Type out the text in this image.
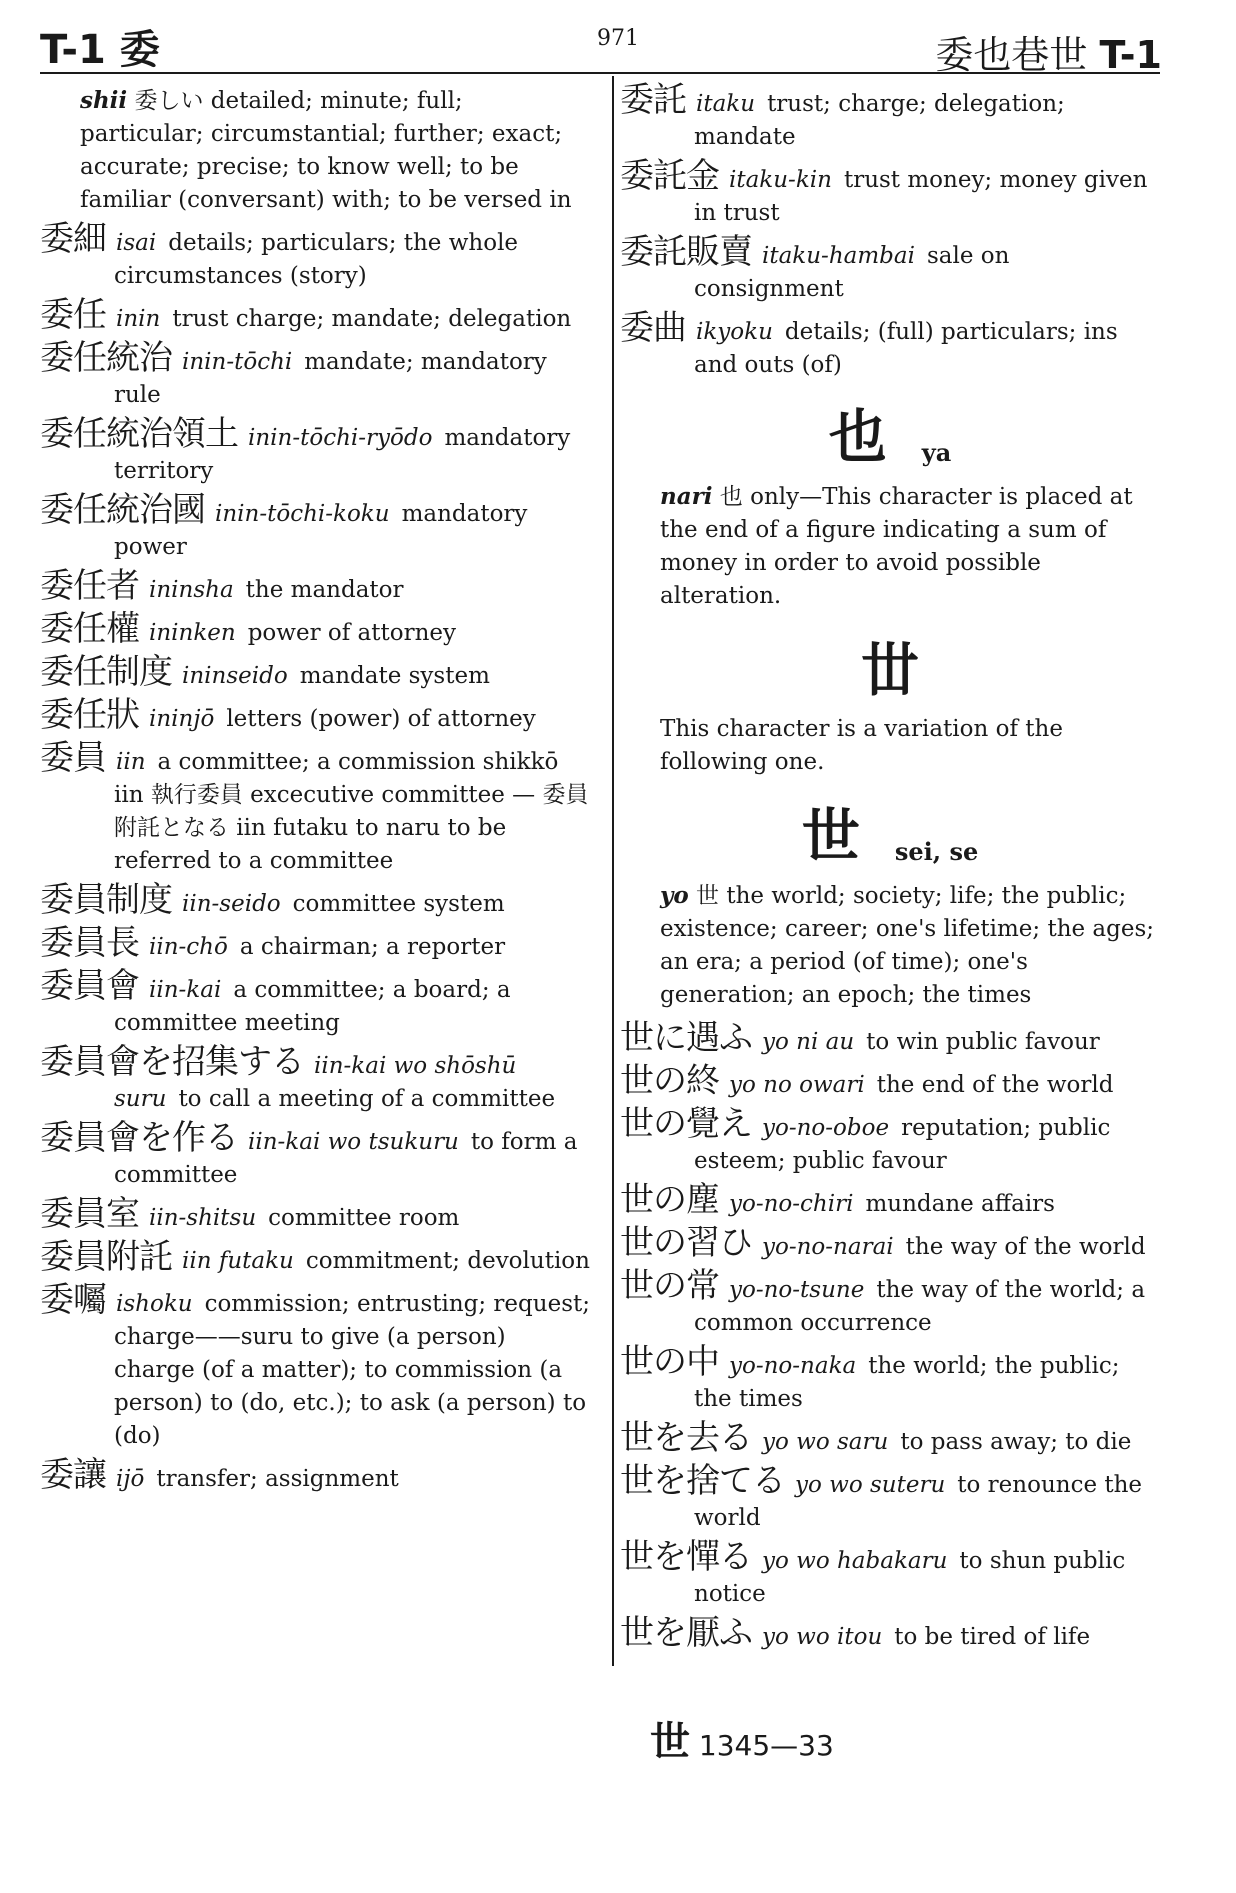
T-1 委	971	委也巷世 T-1
shii 委しい detailed; minute; full; particular; circumstantial; further; exact; accurate; precise; to know well; to be familiar (conversant) with; to be versed in
委細 isai details; particulars; the whole circumstances (story)
委任 inin trust charge; mandate; delegation
委任統治 inin-tōchi mandate; mandatory rule
委任統治領土 inin-tōchi-ryōdo mandatory territory
委任統治國 inin-tōchi-koku mandatory power
委任者 ininsha the mandator
委任權 ininken power of attorney
委任制度 ininseido mandate system
委任狀 ininjō letters (power) of attorney
委員 iin a committee; a commission shikkō iin 執行委員 excecutive committee — 委員附託となる iin futaku to naru to be referred to a committee
委員制度 iin-seido committee system
委員長 iin-chō a chairman; a reporter
委員會 iin-kai a committee; a board; a committee meeting
委員會を招集する iin-kai wo shōshū suru to call a meeting of a committee
委員會を作る iin-kai wo tsukuru to form a committee
委員室 iin-shitsu committee room
委員附託 iin futaku commitment; devolution
委囑 ishoku commission; entrusting; request; charge——suru to give (a person) charge (of a matter); to commission (a person) to (do, etc.); to ask (a person) to (do)
委讓 ijō transfer; assignment
委託 itaku trust; charge; delegation; mandate
委託金 itaku-kin trust money; money given in trust
委託販賣 itaku-hambai sale on consignment
委曲 ikyoku details; (full) particulars; ins and outs (of)
也 ya
nari 也 only—This character is placed at the end of a figure indicating a sum of money in order to avoid possible alteration.
丗
This character is a variation of the following one.
世 sei, se
yo 世 the world; society; life; the public; existence; career; one's lifetime; the ages; an era; a period (of time); one's generation; an epoch; the times
世に遇ふ yo ni au to win public favour
世の終 yo no owari the end of the world
世の覺え yo-no-oboe reputation; public esteem; public favour
世の塵 yo-no-chiri mundane affairs
世の習ひ yo-no-narai the way of the world
世の常 yo-no-tsune the way of the world; a common occurrence
世の中 yo-no-naka the world; the public; the times
世を去る yo wo saru to pass away; to die
世を捨てる yo wo suteru to renounce the world
世を憚る yo wo habakaru to shun public notice
世を厭ふ yo wo itou to be tired of life
世 1345—33
